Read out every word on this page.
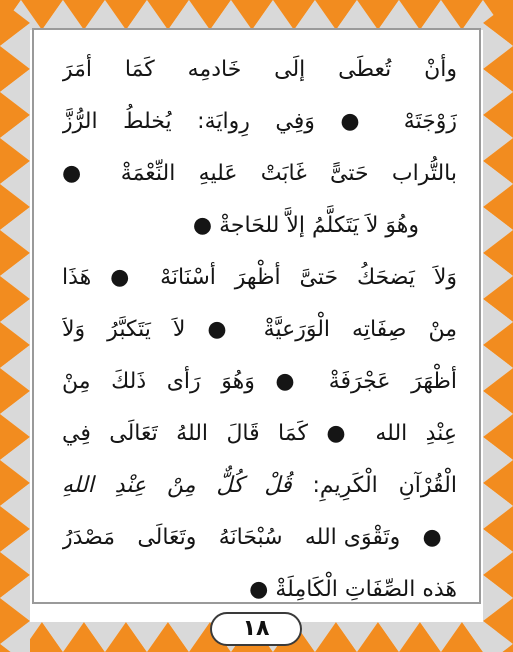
وأنْ تُعطَى إلَى خَادمِه كَمَا أمَرَ
زَوْجَتَهْ ● وَفِي رِوايَة: يُخلطُ الرُّزَّ
بالتُّراب حَتىًّ غَابَتْ عَليهِ النِّعْمَةْ ●
وهُوَ لاَ يَتَكلَّمُ إلاَّ للحَاجةْ ●
وَلاَ يَضحَكُ حَتىَّ أظْهرَ أسْنَانَهْ ● هَذَا
مِنْ صِفَاتِه الْوَرَعيَّةْ ● لاَ يَتَكبَّرُ وَلاَ
أظْهَرَ عَجْرَفَةْ ● وَهُوَ رَأى ذَلكَ مِنْ
عِنْدِ الله ● كَمَا قَالَ اللهُ تَعَالَى فِي
الْقُرْآنِ الْكَرِيمِ: قُلْ كُلٌّ مِنْ عِنْدِ اللهِ
● وتَقْوَى الله سُبْحَانَهُ وتَعَالَى مَصْدَرُ
هَذه الصِّفَاتِ الْكَامِلَةْ ●
١٨
